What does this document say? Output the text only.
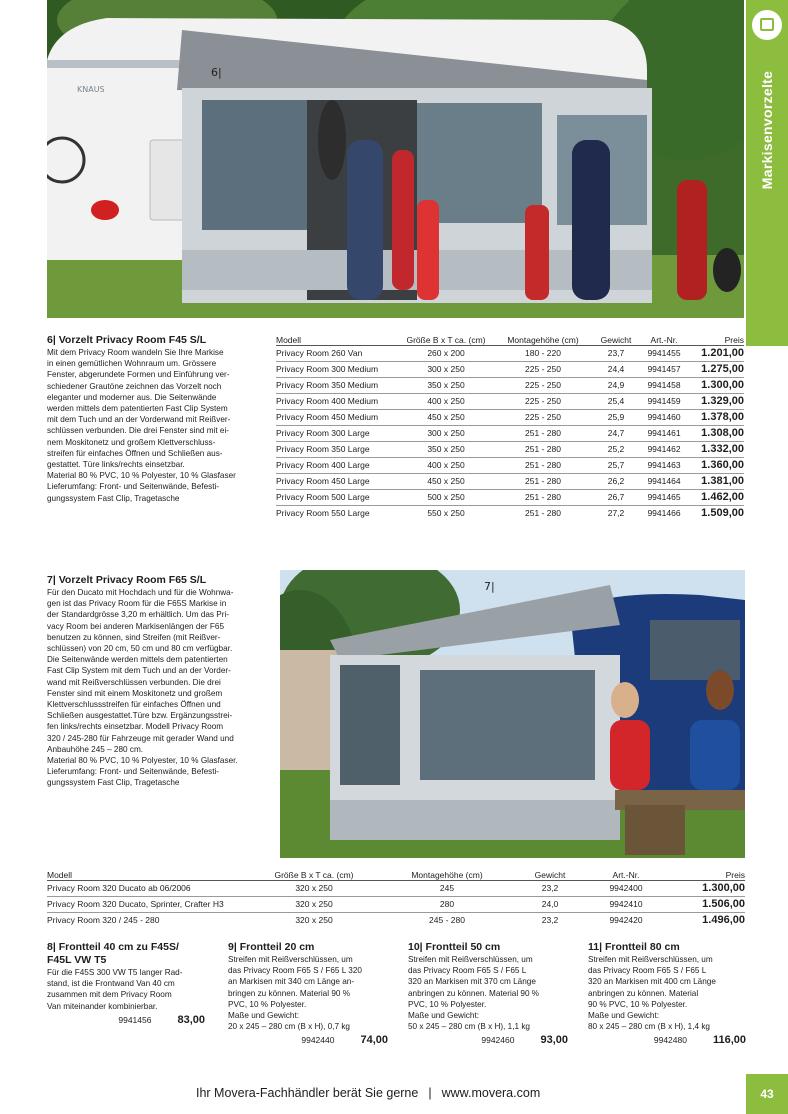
KNAUS
6|	Markisenvorzelte
6| Vorzelt Privacy Room F45 S/L
Mit dem Privacy Room wandeln Sie Ihre Markise
in einen gemütlichen Wohnraum um. Grössere
Fenster, abgerundete Formen und Einführung ver-
schiedener Grautöne zeichnen das Vorzelt noch
eleganter und moderner aus. Die Seitenwände
werden mittels dem patentierten Fast Clip System
mit dem Tuch und an der Vorderwand mit Reißver-
schlüssen verbunden. Die drei Fenster sind mit ei-
nem Moskitonetz und großem Klettverschluss-
streifen für einfaches Öffnen und Schließen aus-
gestattet. Türe links/rechts einsetzbar.
Material 80 % PVC, 10 % Polyester, 10 % Glasfaser
Lieferumfang: Front- und Seitenwände, Befesti-
gungssystem Fast Clip, Tragetasche
Modell	Größe B x T ca. (cm)	Montagehöhe (cm)	Gewicht	Art.-Nr.	Preis
Privacy Room 260 Van	260 x 200	180 - 220	23,7	9941455	1.201,00
Privacy Room 300 Medium	300 x 250	225 - 250	24,4	9941457	1.275,00
Privacy Room 350 Medium	350 x 250	225 - 250	24,9	9941458	1.300,00
Privacy Room 400 Medium	400 x 250	225 - 250	25,4	9941459	1.329,00
Privacy Room 450 Medium	450 x 250	225 - 250	25,9	9941460	1.378,00
Privacy Room 300 Large	300 x 250	251 - 280	24,7	9941461	1.308,00
Privacy Room 350 Large	350 x 250	251 - 280	25,2	9941462	1.332,00
Privacy Room 400 Large	400 x 250	251 - 280	25,7	9941463	1.360,00
Privacy Room 450 Large	450 x 250	251 - 280	26,2	9941464	1.381,00
Privacy Room 500 Large	500 x 250	251 - 280	26,7	9941465	1.462,00
Privacy Room 550 Large	550 x 250	251 - 280	27,2	9941466	1.509,00
7| Vorzelt Privacy Room F65 S/L
Für den Ducato mit Hochdach und für die Wohnwa-
gen ist das Privacy Room für die F65S Markise in
der Standardgrösse 3,20 m erhältlich. Um das Pri-
vacy Room bei anderen Markisenlängen der F65
benutzen zu können, sind Streifen (mit Reißver-
schlüssen) von 20 cm, 50 cm und 80 cm verfügbar.
Die Seitenwände werden mittels dem patentierten
Fast Clip System mit dem Tuch und an der Vorder-
wand mit Reißverschlüssen verbunden. Die drei
Fenster sind mit einem Moskitonetz und großem
Klettverschlussstreifen für einfaches Öffnen und
Schließen ausgestattet.Türe bzw. Ergänzungsstrei-
fen links/rechts einsetzbar. Modell Privacy Room
320 / 245-280 für Fahrzeuge mit gerader Wand und
Anbauhöhe 245 – 280 cm.
Material 80 % PVC, 10 % Polyester, 10 % Glasfaser.
Lieferumfang: Front- und Seitenwände, Befesti-
gungssystem Fast Clip, Tragetasche
7|
Modell	Größe B x T ca. (cm)	Montagehöhe (cm)	Gewicht	Art.-Nr.	Preis
Privacy Room 320 Ducato ab 06/2006	320 x 250	245	23,2	9942400	1.300,00
Privacy Room 320 Ducato, Sprinter, Crafter H3	320 x 250	280	24,0	9942410	1.506,00
Privacy Room 320 / 245 - 280	320 x 250	245 - 280	23,2	9942420	1.496,00
8| Frontteil 40 cm zu F45S/
F45L VW T5
Für die F45S 300 VW T5 langer Rad-
stand, ist die Frontwand Van 40 cm
zusammen mit dem Privacy Room
Van miteinander kombinierbar.
9941456 83,00
9| Frontteil 20 cm
Streifen mit Reißverschlüssen, um
das Privacy Room F65 S / F65 L 320
an Markisen mit 340 cm Länge an-
bringen zu können. Material 90 %
PVC, 10 % Polyester.
Maße und Gewicht:
20 x 245 – 280 cm (B x H), 0,7 kg
9942440 74,00
10| Frontteil 50 cm
Streifen mit Reißverschlüssen, um
das Privacy Room F65 S / F65 L
320 an Markisen mit 370 cm Länge
anbringen zu können. Material 90 %
PVC, 10 % Polyester.
Maße und Gewicht:
50 x 245 – 280 cm (B x H), 1,1 kg
9942460 93,00
11| Frontteil 80 cm
Streifen mit Reißverschlüssen, um
das Privacy Room F65 S / F65 L
320 an Markisen mit 400 cm Länge
anbringen zu können. Material
90 % PVC, 10 % Polyester.
Maße und Gewicht:
80 x 245 – 280 cm (B x H), 1,4 kg
9942480 116,00
Ihr Movera-Fachhändler berät Sie gerne | www.movera.com	43
